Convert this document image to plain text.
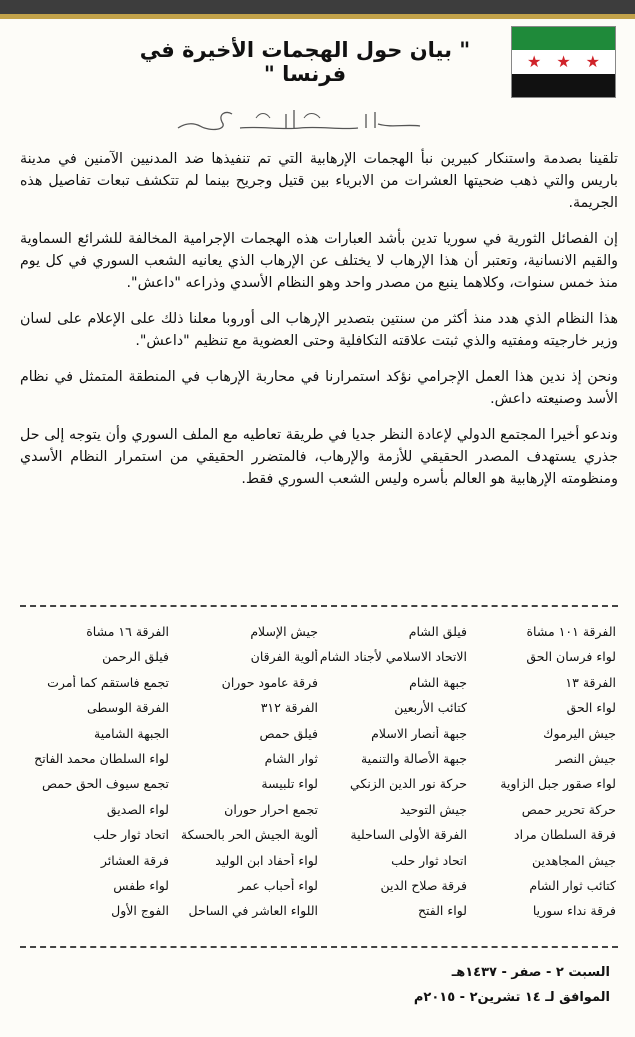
★ ★ ★
" بيان حول الهجمات الأخيرة في فرنسا "

تلقينا بصدمة واستنكار كبيرين نبأ الهجمات الإرهابية التي تم تنفيذها ضد المدنيين الآمنين في مدينة باريس والتي ذهب ضحيتها العشرات من الابرياء بين قتيل وجريح بينما لم تتكشف تبعات تفاصيل هذه الجريمة.

إن الفصائل الثورية في سوريا تدين بأشد العبارات هذه الهجمات الإجرامية المخالفة للشرائع السماوية والقيم الانسانية، وتعتبر أن هذا الإرهاب لا يختلف عن الإرهاب الذي يعانيه الشعب السوري في كل يوم منذ خمس سنوات، وكلاهما ينبع من مصدر واحد وهو النظام الأسدي وذراعه "داعش".

هذا النظام الذي هدد منذ أكثر من سنتين بتصدير الإرهاب الى أوروبا معلنا ذلك على الإعلام على لسان وزير خارجيته ومفتيه والذي ثبتت علاقته التكافلية وحتى العضوية مع تنظيم "داعش".

ونحن إذ ندين هذا العمل الإجرامي نؤكد استمرارنا في محاربة الإرهاب في المنطقة المتمثل في نظام الأسد وصنيعته داعش.

وندعو أخيرا المجتمع الدولي لإعادة النظر جديا في طريقة تعاطيه مع الملف السوري وأن يتوجه إلى حل جذري يستهدف المصدر الحقيقي للأزمة والإرهاب، فالمتضرر الحقيقي من استمرار النظام الأسدي ومنظومته الإرهابية هو العالم بأسره وليس الشعب السوري فقط.

الفرقة ١٠١ مشاة
فيلق الشام
جيش الإسلام
الفرقة ١٦ مشاة
لواء فرسان الحق
الاتحاد الاسلامي لأجناد الشام
ألوية الفرقان
فيلق الرحمن
الفرقة ١٣
جبهة الشام
فرقة عامود حوران
تجمع فاستقم كما أمرت
لواء الحق
كتائب الأربعين
الفرقة ٣١٢
الفرقة الوسطى
جيش اليرموك
جبهة أنصار الاسلام
فيلق حمص
الجبهة الشامية
جيش النصر
جبهة الأصالة والتنمية
ثوار الشام
لواء السلطان محمد الفاتح
لواء صقور جبل الزاوية
حركة نور الدين الزنكي
لواء تلبيسة
تجمع سيوف الحق حمص
حركة تحرير حمص
جيش التوحيد
تجمع احرار حوران
لواء الصديق
فرقة السلطان مراد
الفرقة الأولى الساحلية
ألوية الجيش الحر بالحسكة
اتحاد ثوار حلب
جيش المجاهدين
اتحاد ثوار حلب
لواء أحفاد ابن الوليد
فرقة العشائر
كتائب ثوار الشام
فرقة صلاح الدين
لواء أحباب عمر
لواء طفس
فرقة نداء سوريا
لواء الفتح
اللواء العاشر في الساحل
الفوج الأول
السبت ٢ - صفر - ١٤٣٧هـ
الموافق لـ ١٤ تشرين٢ - ٢٠١٥م
